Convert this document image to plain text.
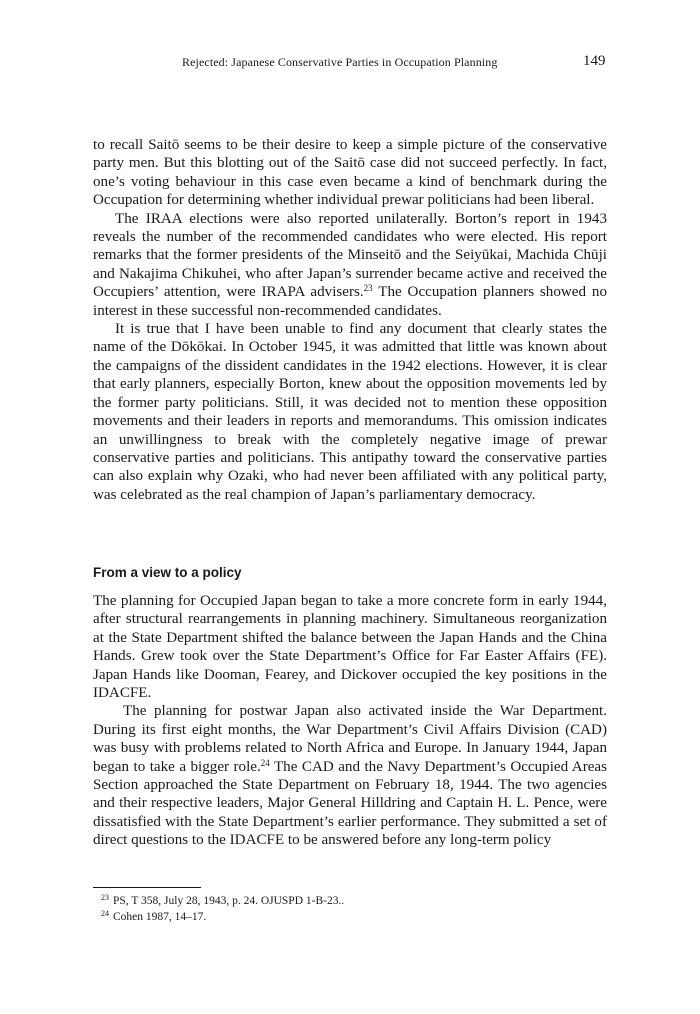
Rejected: Japanese Conservative Parties in Occupation Planning	149

to recall Saitō seems to be their desire to keep a simple picture of the conservative party men. But this blotting out of the Saitō case did not succeed perfectly. In fact, one’s voting behaviour in this case even became a kind of benchmark during the Occupation for determining whether individual prewar politicians had been liberal.

The IRAA elections were also reported unilaterally. Borton’s report in 1943 reveals the number of the recommended candidates who were elected. His report remarks that the former presidents of the Minseitō and the Seiyūkai, Machida Chūji and Nakajima Chikuhei, who after Japan’s surrender became active and received the Occupiers’ attention, were IRAPA advisers.$^{23}$ The Occupation planners showed no interest in these successful non-recommended candidates.

It is true that I have been unable to find any document that clearly states the name of the Dōkōkai. In October 1945, it was admitted that little was known about the campaigns of the dissident candidates in the 1942 elections. However, it is clear that early planners, especially Borton, knew about the opposition movements led by the former party politicians. Still, it was decided not to mention these opposition movements and their leaders in reports and memorandums. This omission indicates an unwillingness to break with the completely negative image of prewar conservative parties and politicians. This antipathy toward the conservative parties can also explain why Ozaki, who had never been affiliated with any political party, was celebrated as the real champion of Japan’s parliamentary democracy.

From a view to a policy

The planning for Occupied Japan began to take a more concrete form in early 1944, after structural rearrangements in planning machinery. Simultaneous reorganization at the State Department shifted the balance between the Japan Hands and the China Hands. Grew took over the State Department’s Office for Far Easter Affairs (FE). Japan Hands like Dooman, Fearey, and Dickover occupied the key positions in the IDACFE.

The planning for postwar Japan also activated inside the War Department. During its first eight months, the War Department’s Civil Affairs Division (CAD) was busy with problems related to North Africa and Europe. In January 1944, Japan began to take a bigger role.$^{24}$ The CAD and the Navy Department’s Occupied Areas Section approached the State Department on February 18, 1944. The two agencies and their respective leaders, Major General Hilldring and Captain H. L. Pence, were dissatisfied with the State Department’s earlier performance. They submitted a set of direct questions to the IDACFE to be answered before any long-term policy

$^{23}$ PS, T 358, July 28, 1943, p. 24. OJUSPD 1-B-23..
$^{24}$ Cohen 1987, 14–17.
